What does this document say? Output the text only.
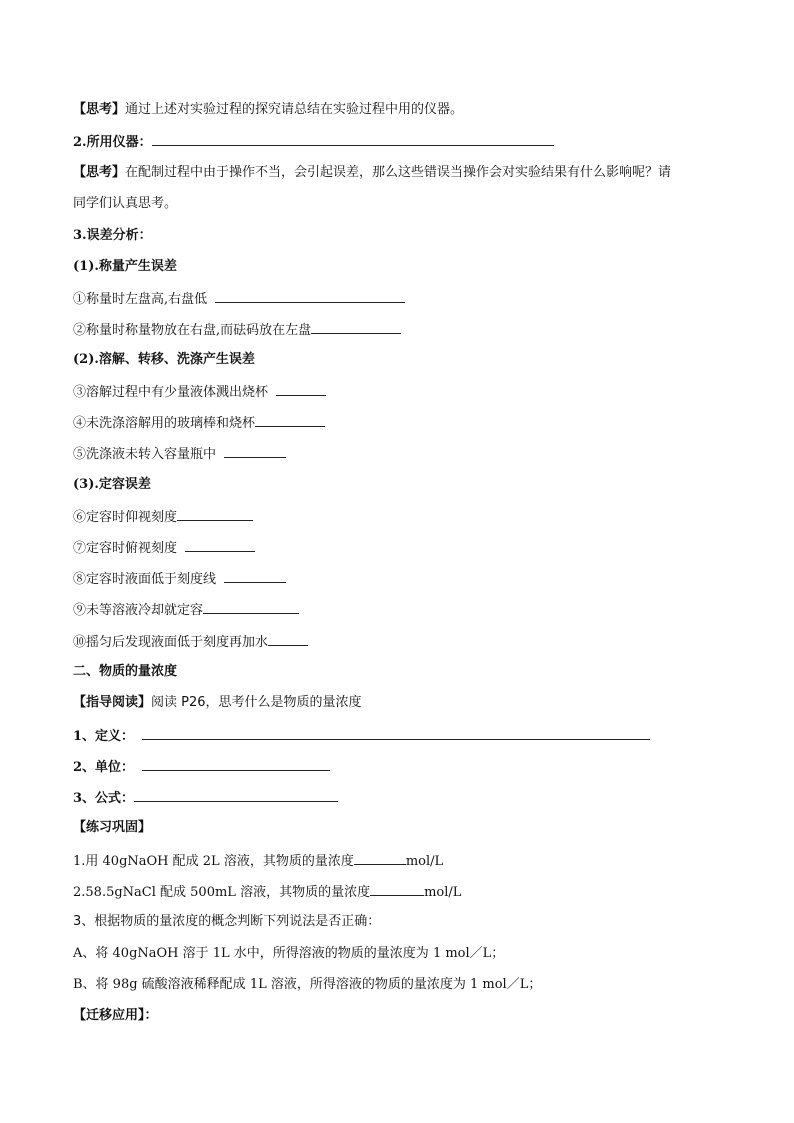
【思考】通过上述对实验过程的探究请总结在实验过程中用的仪器。
2.所用仪器：
【思考】在配制过程中由于操作不当，会引起误差，那么这些错误当操作会对实验结果有什么影响呢？请
同学们认真思考。
3.误差分析：
(1).称量产生误差
①称量时左盘高,右盘低
②称量时称量物放在右盘,而砝码放在左盘
(2).溶解、转移、洗涤产生误差
③溶解过程中有少量液体溅出烧杯
④未洗涤溶解用的玻璃棒和烧杯
⑤洗涤液未转入容量瓶中
(3).定容误差
⑥定容时仰视刻度
⑦定容时俯视刻度
⑧定容时液面低于刻度线
⑨未等溶液冷却就定容
⑩摇匀后发现液面低于刻度再加水
二、物质的量浓度
【指导阅读】阅读 P26，思考什么是物质的量浓度
1、定义：
2、单位：
3、公式：
【练习巩固】
1.用 40gNaOH 配成 2L 溶液，其物质的量浓度	mol/L
2.58.5gNaCl 配成 500mL 溶液，其物质的量浓度	mol/L
3、根据物质的量浓度的概念判断下列说法是否正确：
A、将 40gNaOH 溶于 1L 水中，所得溶液的物质的量浓度为 1 mol／L；
B、将 98g 硫酸溶液稀释配成 1L 溶液，所得溶液的物质的量浓度为 1 mol／L；
【迁移应用】：
